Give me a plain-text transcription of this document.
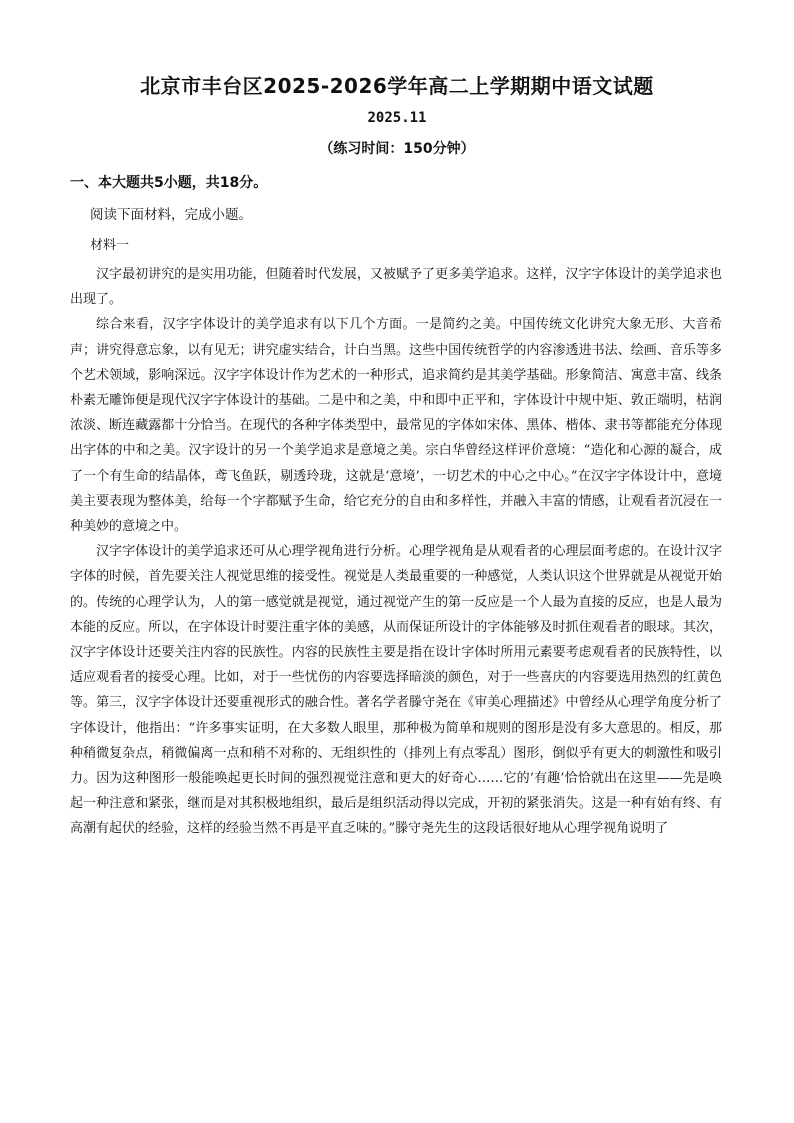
北京市丰台区2025-2026学年高二上学期期中语文试题
2025.11
（练习时间：150分钟）
一、本大题共5小题，共18分。
阅读下面材料，完成小题。
材料一

汉字最初讲究的是实用功能，但随着时代发展，又被赋予了更多美学追求。这样，汉字字体设计的美学追求也出现了。

综合来看，汉字字体设计的美学追求有以下几个方面。一是简约之美。中国传统文化讲究大象无形、大音希声；讲究得意忘象，以有见无；讲究虚实结合，计白当黑。这些中国传统哲学的内容渗透进书法、绘画、音乐等多个艺术领域，影响深远。汉字字体设计作为艺术的一种形式，追求简约是其美学基础。形象简洁、寓意丰富、线条朴素无雕饰便是现代汉字字体设计的基础。二是中和之美，中和即中正平和，字体设计中规中矩、敦正端明，枯润浓淡、断连藏露都十分恰当。在现代的各种字体类型中，最常见的字体如宋体、黑体、楷体、隶书等都能充分体现出字体的中和之美。汉字设计的另一个美学追求是意境之美。宗白华曾经这样评价意境：“造化和心源的凝合，成了一个有生命的结晶体，鸢飞鱼跃，剔透玲珑，这就是‘意境’，一切艺术的中心之中心。”在汉字字体设计中，意境美主要表现为整体美，给每一个字都赋予生命，给它充分的自由和多样性，并融入丰富的情感，让观看者沉浸在一种美妙的意境之中。

汉字字体设计的美学追求还可从心理学视角进行分析。心理学视角是从观看者的心理层面考虑的。在设计汉字字体的时候，首先要关注人视觉思维的接受性。视觉是人类最重要的一种感觉，人类认识这个世界就是从视觉开始的。传统的心理学认为，人的第一感觉就是视觉，通过视觉产生的第一反应是一个人最为直接的反应，也是人最为本能的反应。所以，在字体设计时要注重字体的美感，从而保证所设计的字体能够及时抓住观看者的眼球。其次，汉字字体设计还要关注内容的民族性。内容的民族性主要是指在设计字体时所用元素要考虑观看者的民族特性，以适应观看者的接受心理。比如，对于一些忧伤的内容要选择暗淡的颜色，对于一些喜庆的内容要选用热烈的红黄色等。第三，汉字字体设计还要重视形式的融合性。著名学者滕守尧在《审美心理描述》中曾经从心理学角度分析了字体设计，他指出：“许多事实证明，在大多数人眼里，那种极为简单和规则的图形是没有多大意思的。相反，那种稍微复杂点，稍微偏离一点和稍不对称的、无组织性的（排列上有点零乱）图形，倒似乎有更大的刺激性和吸引力。因为这种图形一般能唤起更长时间的强烈视觉注意和更大的好奇心……它的‘有趣’恰恰就出在这里——先是唤起一种注意和紧张，继而是对其积极地组织，最后是组织活动得以完成，开初的紧张消失。这是一种有始有终、有高潮有起伏的经验，这样的经验当然不再是平直乏味的。”滕守尧先生的这段话很好地从心理学视角说明了
